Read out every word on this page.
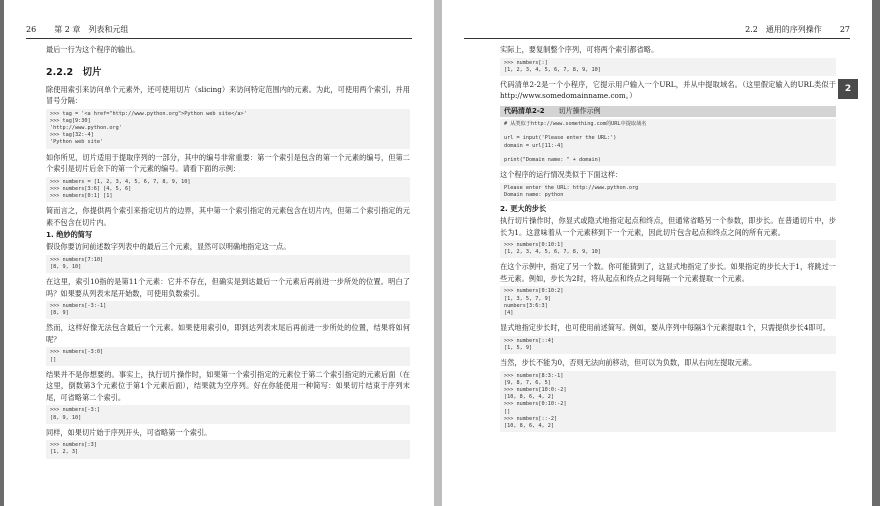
26 第 2 章　列表和元组

最后一行为这个程序的输出。

2.2.2　切片

除使用索引来访问单个元素外，还可使用切片（slicing）来访问特定范围内的元素。为此，可使用两个索引，并用冒号分隔：

>>> tag = '<a href="http://www.python.org">Python web site</a>'
>>> tag[9:30]
'http://www.python.org'
>>> tag[32:-4]
'Python web site'

如你所见，切片适用于提取序列的一部分，其中的编号非常重要：第一个索引是包含的第一个元素的编号，但第二个索引是切片后余下的第一个元素的编号。请看下面的示例：

>>> numbers = [1, 2, 3, 4, 5, 6, 7, 8, 9, 10]
>>> numbers[3:6] [4, 5, 6]
>>> numbers[0:1] [1]

简而言之，你提供两个索引来指定切片的边界，其中第一个索引指定的元素包含在切片内，但第二个索引指定的元素不包含在切片内。

1. 绝妙的简写

假设你要访问前述数字列表中的最后三个元素，显然可以明确地指定这一点。

>>> numbers[7:10]
[8, 9, 10]

在这里，索引10指的是第11个元素：它并不存在，但确实是到达最后一个元素后再前进一步所处的位置。明白了吗？如果要从列表末尾开始数，可使用负数索引。

>>> numbers[-3:-1]
[8, 9]

然而，这样好像无法包含最后一个元素。如果使用索引0，即到达列表末尾后再前进一步所处的位置，结果将如何呢？

>>> numbers[-3:0]
[]

结果并不是你想要的。事实上，执行切片操作时，如果第一个索引指定的元素位于第二个索引指定的元素后面（在这里，倒数第3个元素位于第1个元素后面），结果就为空序列。好在你能使用一种简写：如果切片结束于序列末尾，可省略第二个索引。

>>> numbers[-3:]
[8, 9, 10]

同样，如果切片始于序列开头，可省略第一个索引。

>>> numbers[:3]
[1, 2, 3]
2.2　通用的序列操作 27

实际上，要复制整个序列，可将两个索引都省略。

>>> numbers[:]
[1, 2, 3, 4, 5, 6, 7, 8, 9, 10]

代码清单2-2是一个小程序，它提示用户输入一个URL，并从中提取域名。（这里假定输入的URL类似于http://www.somedomainname.com。）

代码清单2-2 切片操作示例
# 从类似于http://www.something.com的URL中提取域名

url = input('Please enter the URL:')
domain = url[11:-4]

print("Domain name: " + domain)

这个程序的运行情况类似于下面这样：

Please enter the URL: http://www.python.org
Domain name: python
2. 更大的步长

执行切片操作时，你显式或隐式地指定起点和终点，但通常省略另一个参数，即步长。在普通切片中，步长为1。这意味着从一个元素移到下一个元素，因此切片包含起点和终点之间的所有元素。

>>> numbers[0:10:1]
[1, 2, 3, 4, 5, 6, 7, 8, 9, 10]

在这个示例中，指定了另一个数。你可能猜到了，这显式地指定了步长。如果指定的步长大于1，将跳过一些元素。例如，步长为2时，将从起点和终点之间每隔一个元素提取一个元素。

>>> numbers[0:10:2]
[1, 3, 5, 7, 9]
numbers[3:6:3]
[4]

显式地指定步长时，也可使用前述简写。例如，要从序列中每隔3个元素提取1个，只需提供步长4即可。

>>> numbers[::4]
[1, 5, 9]

当然，步长不能为0，否则无法向前移动，但可以为负数，即从右向左提取元素。

>>> numbers[8:3:-1]
[9, 8, 7, 6, 5]
>>> numbers[10:0:-2]
[10, 8, 6, 4, 2]
>>> numbers[0:10:-2]
[]
>>> numbers[::-2]
[10, 8, 6, 4, 2]
2
